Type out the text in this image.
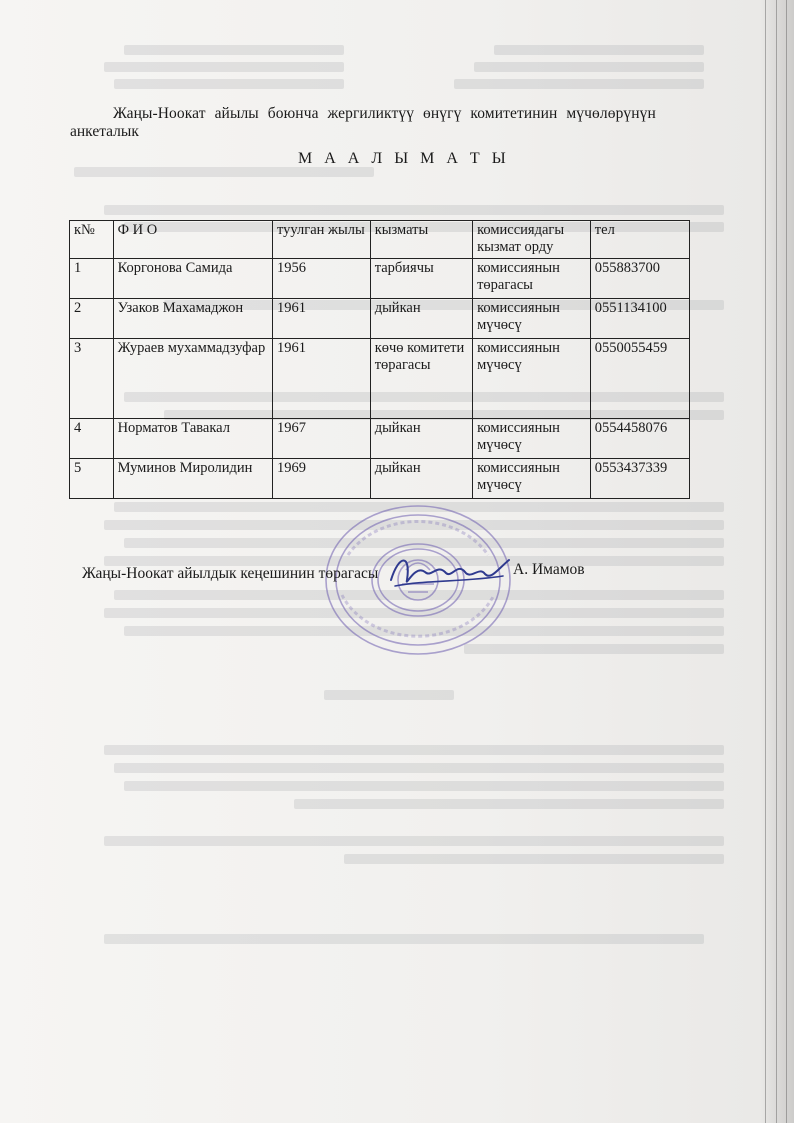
Жаңы-Ноокат айылы боюнча жергиликтүү өнүгү комитетинин мүчөлөрүнүн
анкеталык
М А А Л Ы М А Т Ы
к№	Ф И О	туулган жылы	кызматы	комиссиядагы кызмат орду	тел
1	Коргонова Самида	1956	тарбиячы	комиссиянын төрагасы	055883700
2	Узаков Махамаджон	1961	дыйкан	комиссиянын мүчөсү	0551134100
3	Жураев мухаммадзуфар	1961	көчө комитети төрагасы	комиссиянын мүчөсү	0550055459
4	Норматов Тавакал	1967	дыйкан	комиссиянын мүчөсү	0554458076
5	Муминов Миролидин	1969	дыйкан	комиссиянын мүчөсү	0553437339
Жаңы-Ноокат айылдык кеңешинин төрагасы	А. Имамов
